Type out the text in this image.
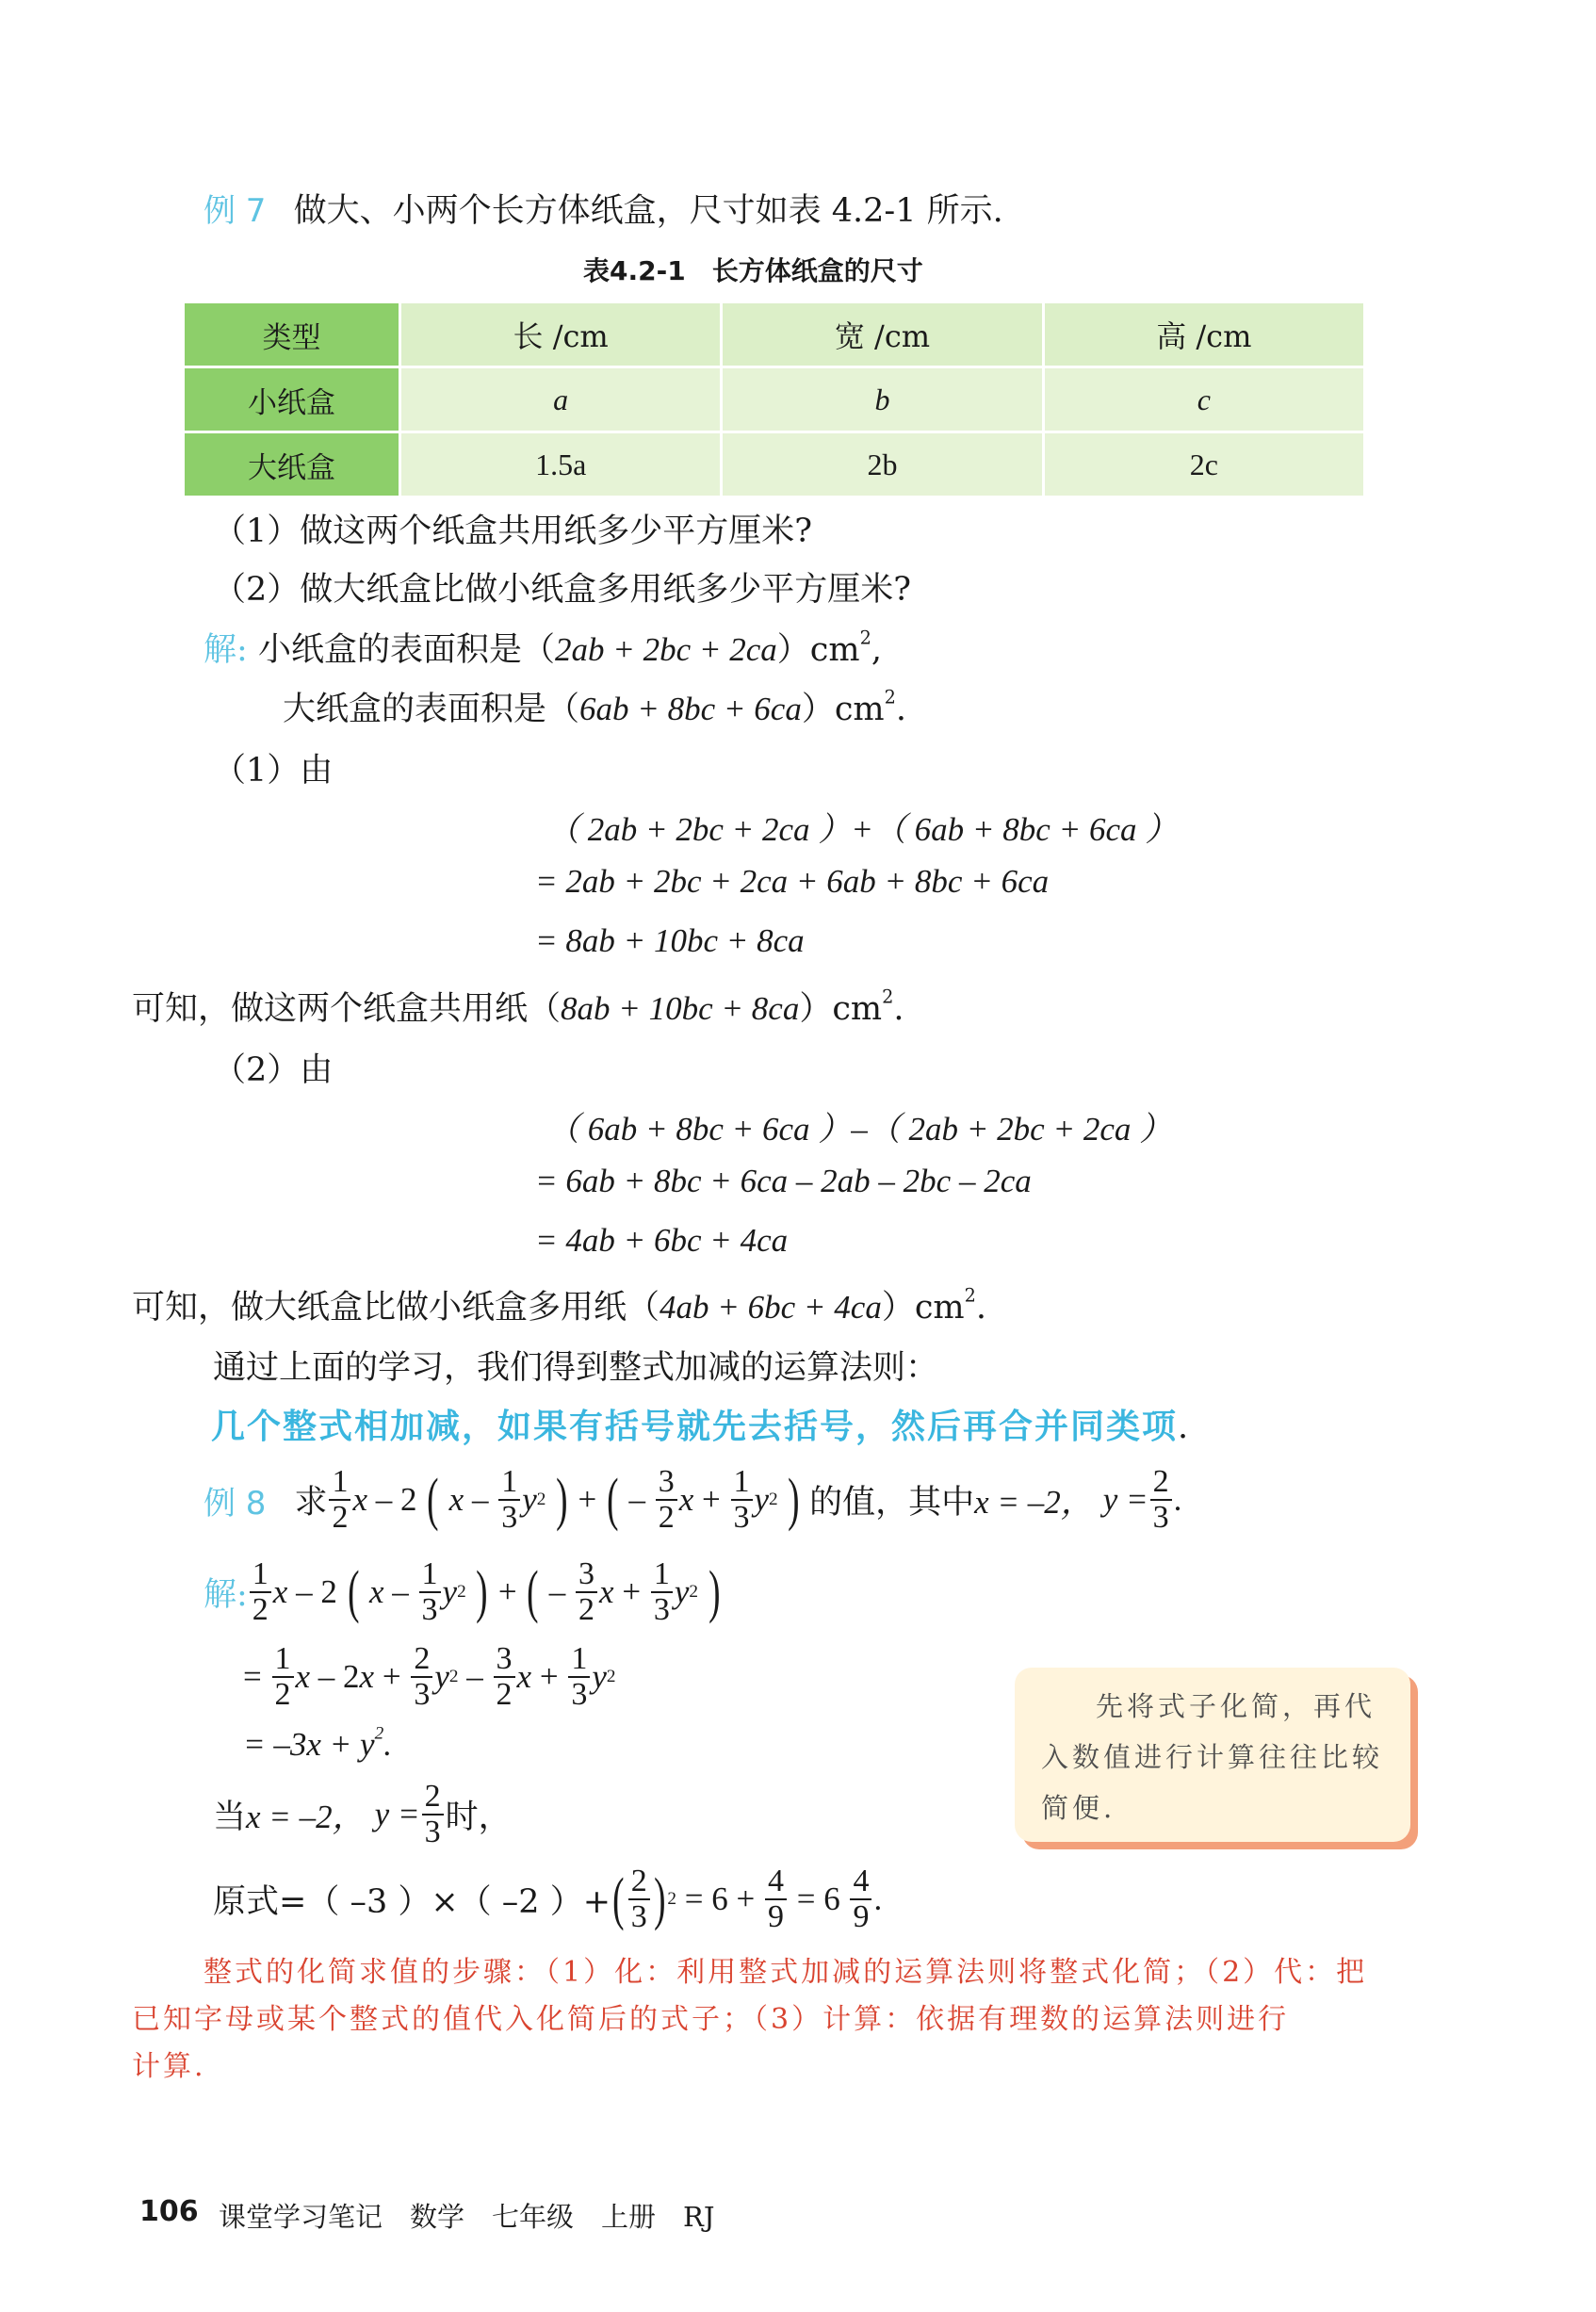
例 7 做大、小两个长方体纸盒，尺寸如表 4.2-1 所示.
表4.2-1　长方体纸盒的尺寸
类型	长 /cm	宽 /cm	高 /cm
小纸盒	a	b	c
大纸盒	1.5a	2b	2c
（1）做这两个纸盒共用纸多少平方厘米?
（2）做大纸盒比做小纸盒多用纸多少平方厘米?
解: 小纸盒的表面积是$(2ab + 2bc + 2ca)cm^2$,
大纸盒的表面积是$(6ab + 8bc + 6ca)cm^2$.
（1）由
（ 2ab + 2bc + 2ca ）+（ 6ab + 8bc + 6ca ）
= 2ab + 2bc + 2ca + 6ab + 8bc + 6ca
= 8ab + 10bc + 8ca
可知，做这两个纸盒共用纸$(8ab + 10bc + 8ca)cm^2$.
（2）由
（ 6ab + 8bc + 6ca ）–（ 2ab + 2bc + 2ca ）
= 6ab + 8bc + 6ca – 2ab – 2bc – 2ca
= 4ab + 6bc + 4ca
可知，做大纸盒比做小纸盒多用纸$(4ab + 6bc + 4ca)cm^2$.
通过上面的学习，我们得到整式加减的运算法则：
几个整式相加减，如果有括号就先去括号，然后再合并同类项.
例 8 求 $\frac{1}{2}$ x – 2 (
x – $\frac{1}{3}$ y 2
) + ( – $\frac{3}{2}$ $x + \frac{1}{3}$ y 2
) 的值，其中 x = –2， $y = \frac{2}{3}$ .
解: $\frac{1}{2}$ x – 2 (
x – $\frac{1}{3}$ y 2
) + ( – $\frac{3}{2}$ $x + \frac{1}{3}$ y 2
)
= $\frac{1}{2}$ x – 2 $x + \frac{2}{3}$ y $2 - \frac{3}{2}$ $x + \frac{1}{3}$ y 2
= $-3x + y^2$.
当 x = –2， $y = \frac{2}{3}$ 时，
原式=（ –3 ）×（ –2 ）+ ( $\frac{2}{3}$ ) 2
= 6 +
$\frac{4}{9}$
= 6
$\frac{4}{9}$ .
先将式子化简，再代入数值进行计算往往比较简便.
整式的化简求值的步骤：（1）化：利用整式加减的运算法则将整式化简；（2）代：把
已知字母或某个整式的值代入化简后的式子；（3）计算：依据有理数的运算法则进行
计算.
106 课堂学习笔记　数学　七年级　上册　RJ
